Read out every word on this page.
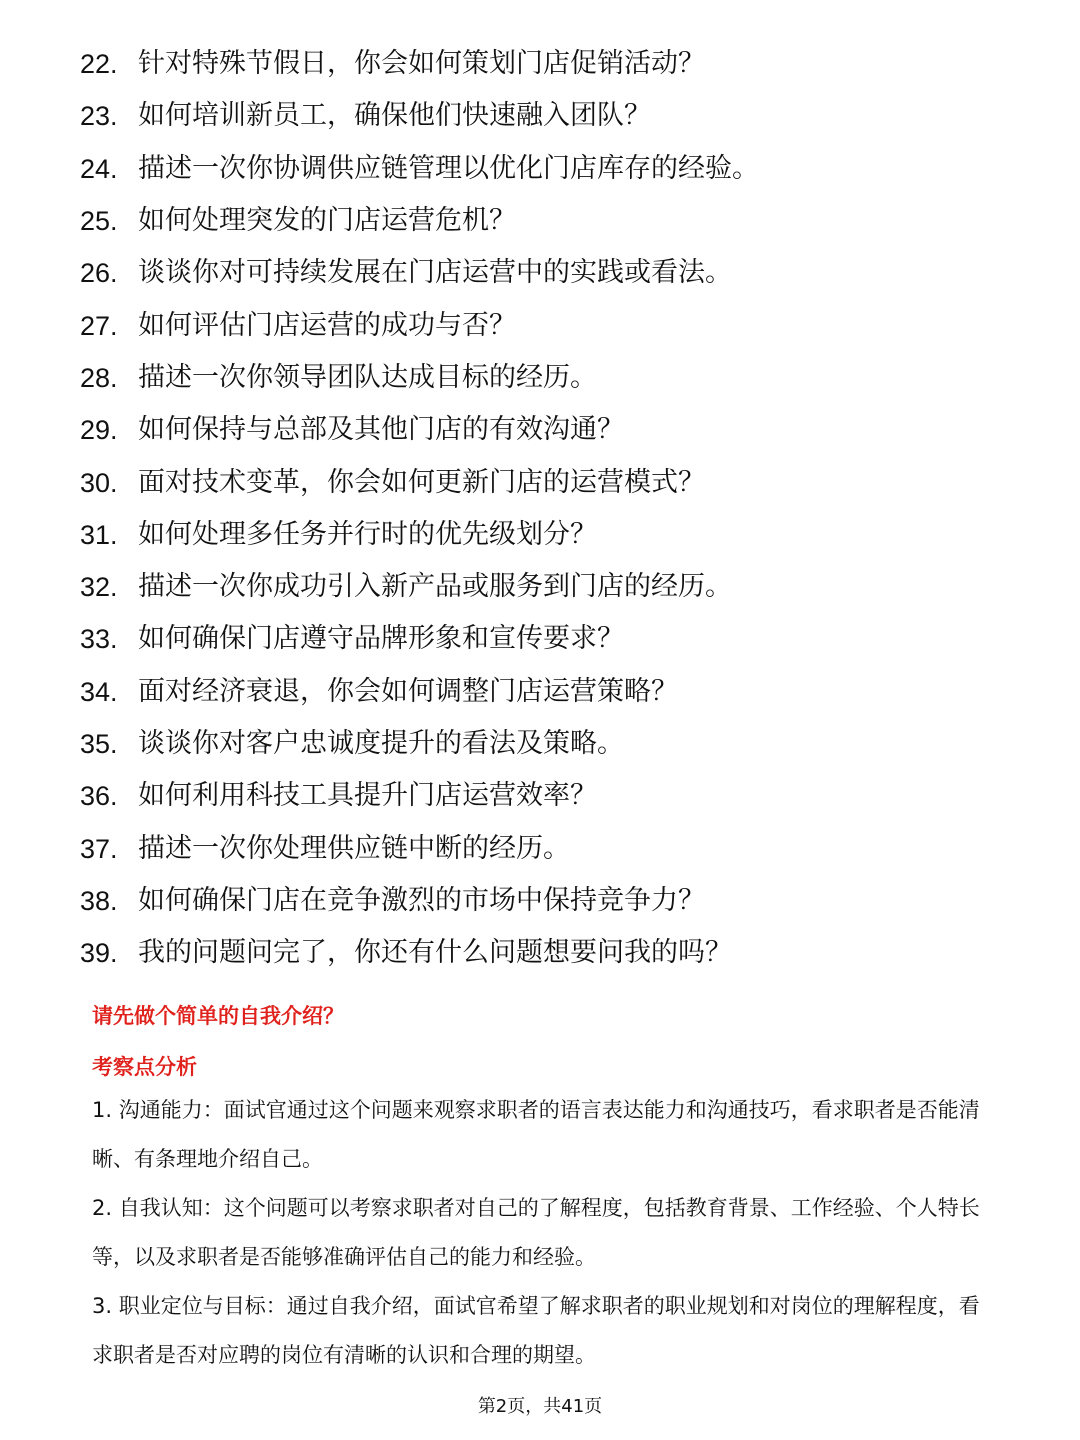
22. 针对特殊节假日，你会如何策划门店促销活动？
23. 如何培训新员工，确保他们快速融入团队？
24. 描述一次你协调供应链管理以优化门店库存的经验。
25. 如何处理突发的门店运营危机？
26. 谈谈你对可持续发展在门店运营中的实践或看法。
27. 如何评估门店运营的成功与否？
28. 描述一次你领导团队达成目标的经历。
29. 如何保持与总部及其他门店的有效沟通？
30. 面对技术变革，你会如何更新门店的运营模式？
31. 如何处理多任务并行时的优先级划分？
32. 描述一次你成功引入新产品或服务到门店的经历。
33. 如何确保门店遵守品牌形象和宣传要求？
34. 面对经济衰退，你会如何调整门店运营策略？
35. 谈谈你对客户忠诚度提升的看法及策略。
36. 如何利用科技工具提升门店运营效率？
37. 描述一次你处理供应链中断的经历。
38. 如何确保门店在竞争激烈的市场中保持竞争力？
39. 我的问题问完了，你还有什么问题想要问我的吗？
请先做个简单的自我介绍？
考察点分析

1. 沟通能力：面试官通过这个问题来观察求职者的语言表达能力和沟通技巧，看求职者是否能清晰、有条理地介绍自己。

2. 自我认知：这个问题可以考察求职者对自己的了解程度，包括教育背景、工作经验、个人特长等，以及求职者是否能够准确评估自己的能力和经验。

3. 职业定位与目标：通过自我介绍，面试官希望了解求职者的职业规划和对岗位的理解程度，看求职者是否对应聘的岗位有清晰的认识和合理的期望。

第2页，共41页
